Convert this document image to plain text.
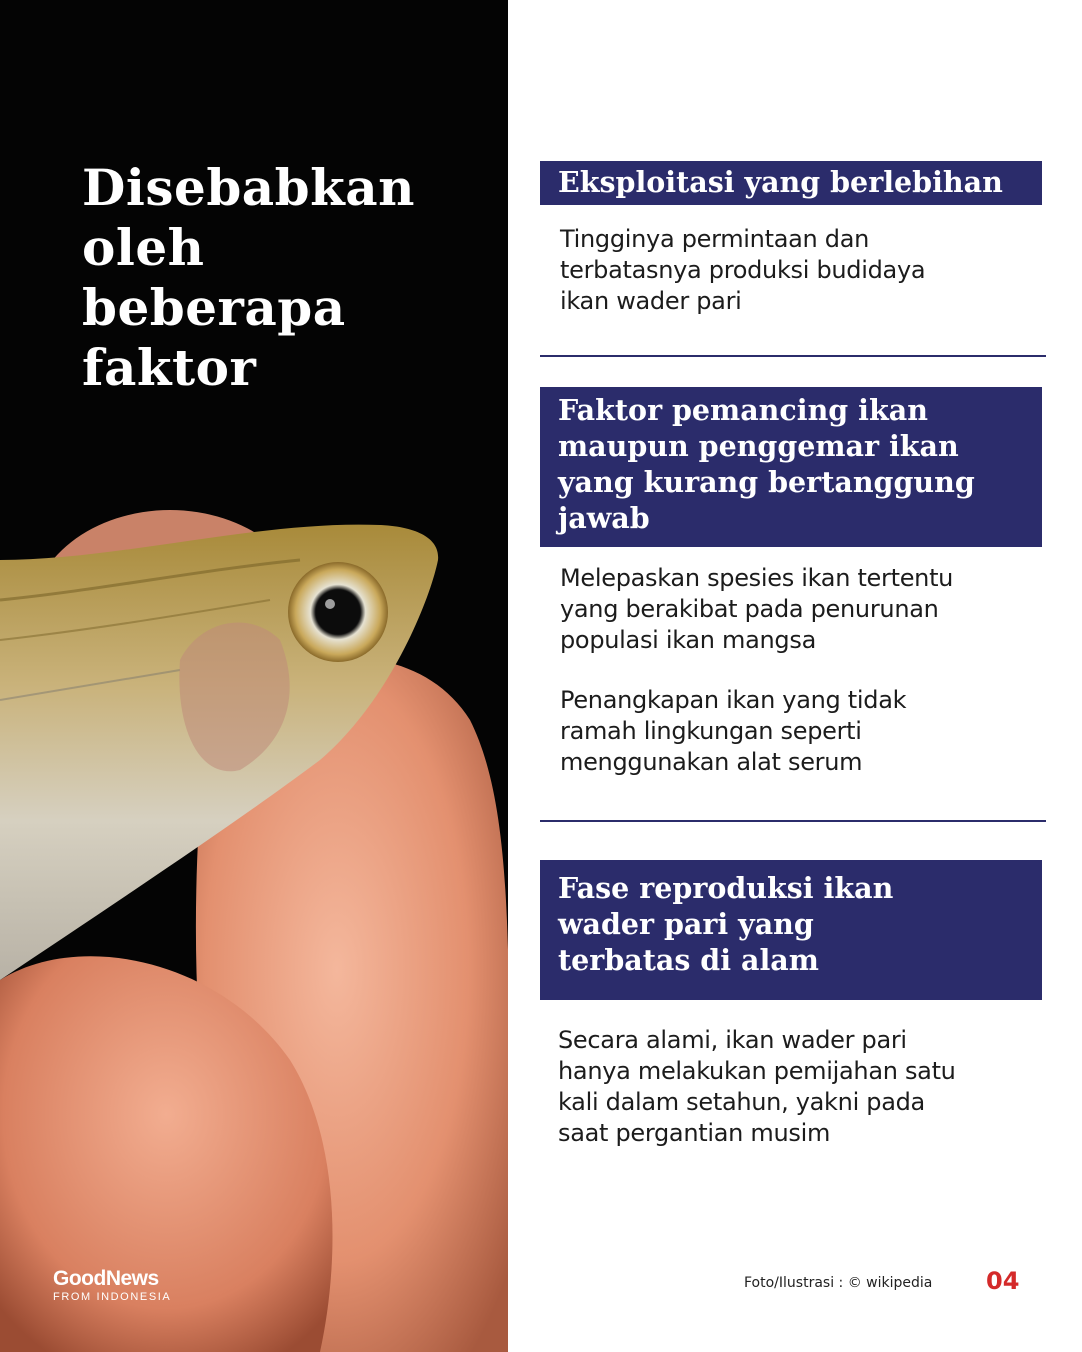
Disebabkan
oleh
beberapa
faktor
GoodNews
FROM INDONESIA
Eksploitasi yang berlebihan
Tingginya permintaan dan
terbatasnya produksi budidaya
ikan wader pari
Faktor pemancing ikan
maupun penggemar ikan
yang kurang bertanggung
jawab
Melepaskan spesies ikan tertentu
yang berakibat pada penurunan
populasi ikan mangsa
Penangkapan ikan yang tidak
ramah lingkungan seperti
menggunakan alat serum
Fase reproduksi ikan
wader pari yang
terbatas di alam
Secara alami, ikan wader pari
hanya melakukan pemijahan satu
kali dalam setahun, yakni pada
saat pergantian musim
Foto/Ilustrasi : © wikipedia 04
